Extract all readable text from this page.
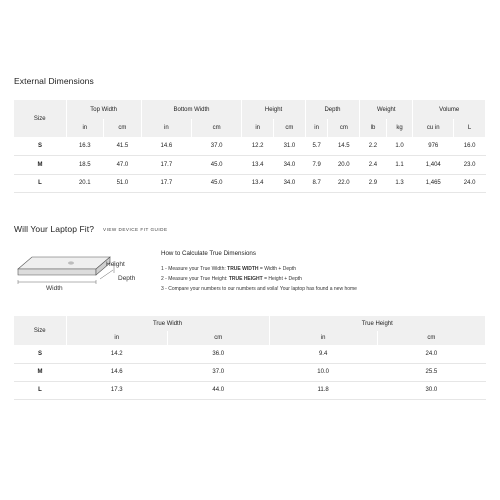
External Dimensions
Size	Top Width		Bottom Width		Height		Depth		Weight		Volume	
	in	cm	in	cm	in	cm	in	cm	lb	kg	cu in	L
S	16.3	41.5	14.6	37.0	12.2	31.0	5.7	14.5	2.2	1.0	976	16.0
M	18.5	47.0	17.7	45.0	13.4	34.0	7.9	20.0	2.4	1.1	1,404	23.0
L	20.1	51.0	17.7	45.0	13.4	34.0	8.7	22.0	2.9	1.3	1,465	24.0
Will Your Laptop Fit? VIEW DEVICE FIT GUIDE
Height
Depth
Width
How to Calculate True Dimensions
1 - Measure your True Width: TRUE WIDTH = Width + Depth
2 - Measure your True Height: TRUE HEIGHT = Height + Depth
3 - Compare your numbers to our numbers and voila! Your laptop has found a new home
Size	True Width		True Height	
	in	cm	in	cm
S	14.2	36.0	9.4	24.0
M	14.6	37.0	10.0	25.5
L	17.3	44.0	11.8	30.0
